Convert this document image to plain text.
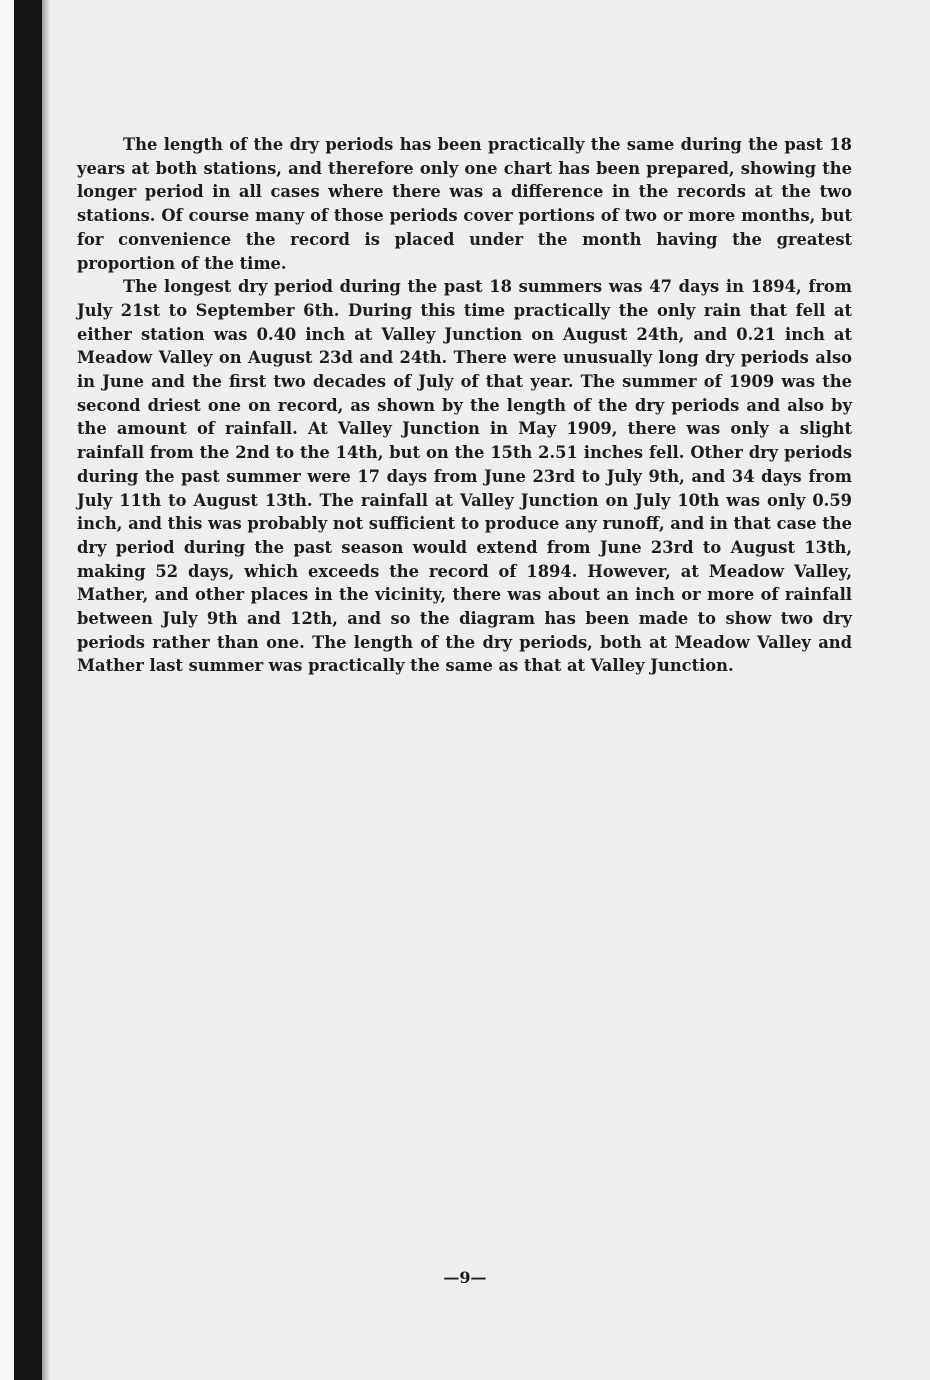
The length of the dry periods has been practically the same during the past 18 years at both stations, and therefore only one chart has been prepared, showing the longer period in all cases where there was a difference in the records at the two stations. Of course many of those periods cover portions of two or more months, but for convenience the record is placed under the month having the greatest proportion of the time.

The longest dry period during the past 18 summers was 47 days in 1894, from July 21st to September 6th. During this time practically the only rain that fell at either station was 0.40 inch at Valley Junction on August 24th, and 0.21 inch at Meadow Valley on August 23d and 24th. There were unusually long dry periods also in June and the first two decades of July of that year. The summer of 1909 was the second driest one on record, as shown by the length of the dry periods and also by the amount of rainfall. At Valley Junction in May 1909, there was only a slight rainfall from the 2nd to the 14th, but on the 15th 2.51 inches fell. Other dry periods during the past summer were 17 days from June 23rd to July 9th, and 34 days from July 11th to August 13th. The rainfall at Valley Junction on July 10th was only 0.59 inch, and this was probably not sufficient to produce any runoff, and in that case the dry period during the past season would extend from June 23rd to August 13th, making 52 days, which exceeds the record of 1894. However, at Meadow Valley, Mather, and other places in the vicinity, there was about an inch or more of rainfall between July 9th and 12th, and so the diagram has been made to show two dry periods rather than one. The length of the dry periods, both at Meadow Valley and Mather last summer was practically the same as that at Valley Junction.

—9—
